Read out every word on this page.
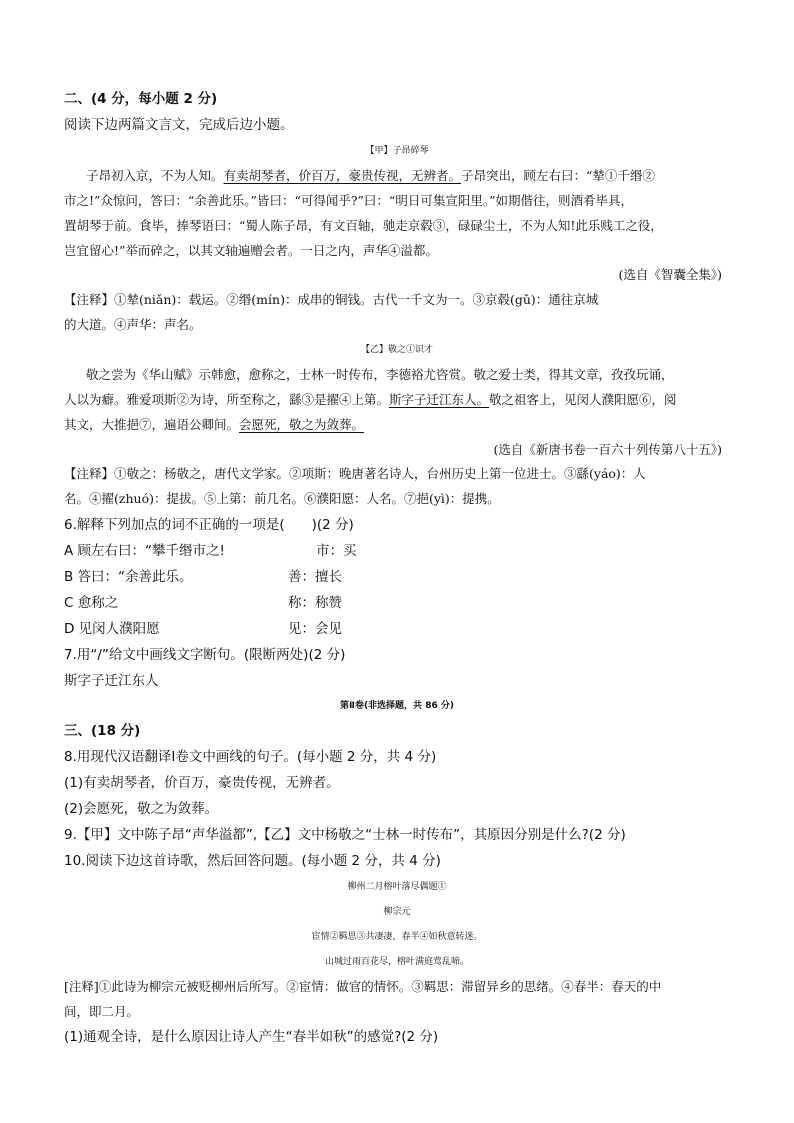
二、(4 分，每小题 2 分)
阅读下边两篇文言文，完成后边小题。
【甲】子昂碎琴
子昂初入京，不为人知。有卖胡琴者，价百万，豪贵传视，无辨者。子昂突出，顾左右曰：“辇①千缗②
市之!”众惊问，答曰：“余善此乐。”皆曰：“可得闻乎?”曰：“明日可集宣阳里。”如期偕往，则酒肴毕具，
置胡琴于前。食毕，捧琴语曰：“蜀人陈子昂，有文百轴，驰走京毂③，碌碌尘土，不为人知!此乐贱工之役，
岂宜留心!”举而碎之，以其文轴遍赠会者。一日之内，声华④溢都。
(选自《智囊全集》)
【注释】①辇(niǎn)：载运。②缗(mín)：成串的铜钱。古代一千文为一。③京毂(gǔ)：通往京城
的大道。④声华：声名。
【乙】敬之①识才
敬之尝为《华山赋》示韩愈，愈称之，士林一时传布，李德裕尤咨赏。敬之爱士类，得其文章，孜孜玩诵，
人以为癖。雅爱项斯②为诗，所至称之，繇③是擢④上第。斯字子迁江东人。敬之祖客上，见闵人濮阳愿⑥，阅
其文，大推挹⑦，遍语公卿间。会愿死，敬之为敛葬。
(选自《新唐书卷一百六十列传第八十五》)
【注释】①敬之：杨敬之，唐代文学家。②项斯：晚唐著名诗人，台州历史上第一位进士。③繇(yáo)：人
名。④擢(zhuó)：提拔。⑤上第：前几名。⑥濮阳愿：人名。⑦挹(yì)：提携。
6.解释下列加点的词不正确的一项是(　　)(2 分)
A 顾左右曰：“攀千缗市之!	市：买
B 答曰：“余善此乐。	善：擅长
C 愈称之	称：称赞
D 见闵人濮阳愿	见：会见
7.用“/”给文中画线文字断句。(限断两处)(2 分)
斯字子迁江东人
第Ⅱ卷(非选择题，共 86 分)
三、(18 分)
8.用现代汉语翻译Ⅰ卷文中画线的句子。(每小题 2 分，共 4 分)
(1)有卖胡琴者，价百万，豪贵传视，无辨者。
(2)会愿死，敬之为敛葬。
9.【甲】文中陈子昂“声华溢都”,【乙】文中杨敬之“士林一时传布”，其原因分别是什么?(2 分)
10.阅读下边这首诗歌，然后回答问题。(每小题 2 分，共 4 分)
柳州二月榕叶落尽偶题①
柳宗元
宦情②羁思③共凄凄，春半④如秋意转迷。
山城过雨百花尽，榕叶满庭莺乱啼。
[注释]①此诗为柳宗元被贬柳州后所写。②宦情：做官的情怀。③羁思：滞留异乡的思绪。④春半：春天的中
间，即二月。
(1)通观全诗，是什么原因让诗人产生“春半如秋”的感觉?(2 分)
